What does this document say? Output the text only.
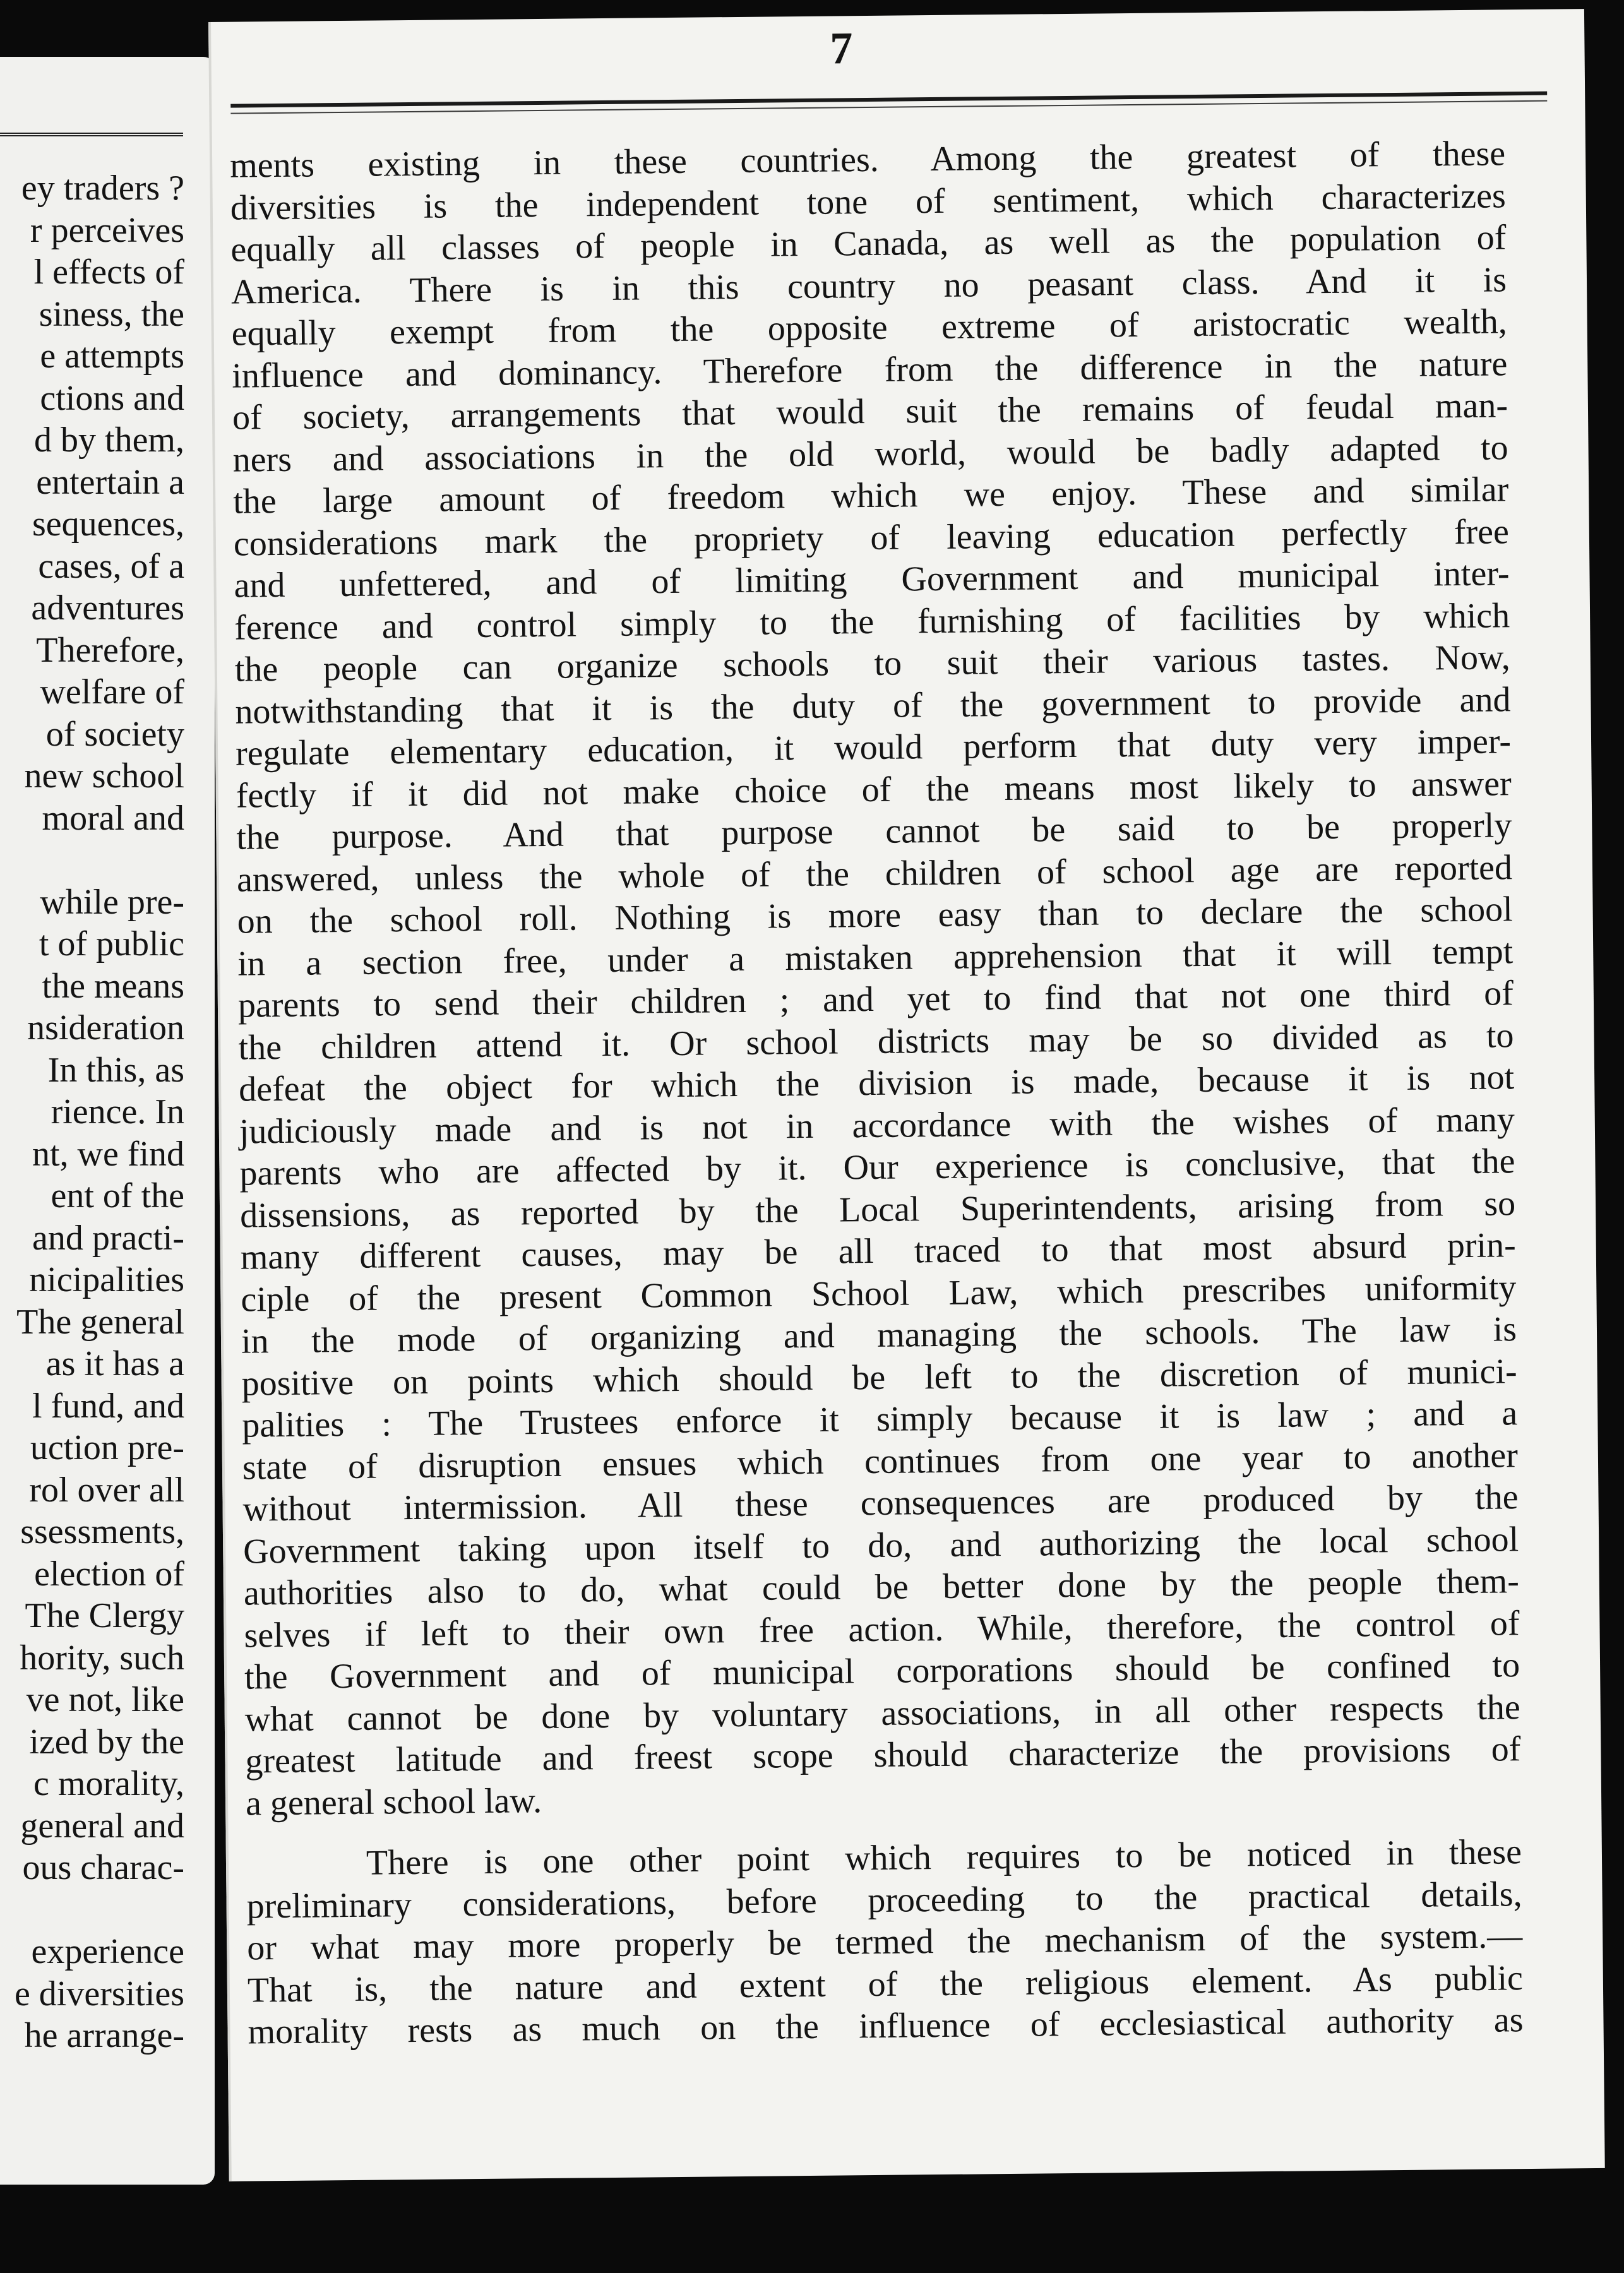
ey traders ?
r perceives
l effects of
siness, the
e attempts
ctions and
d by them,
entertain a
sequences,
cases, of a
adventures
Therefore,
welfare of
of society
new school
moral and
while pre-
t of public
the means
nsideration
In this, as
rience. In
nt, we find
ent of the
and practi-
nicipalities
The general
as it has a
l fund, and
uction pre-
rol over all
ssessments,
election of
The Clergy
hority, such
ve not, like
ized by the
c morality,
general and
ous charac-
experience
e diversities
he arrange-
7
ments existing in these countries. Among the greatest of these
diversities is the independent tone of sentiment, which characterizes
equally all classes of people in Canada, as well as the population of
America. There is in this country no peasant class. And it is
equally exempt from the opposite extreme of aristocratic wealth,
influence and dominancy. Therefore from the difference in the nature
of society, arrangements that would suit the remains of feudal man-
ners and associations in the old world, would be badly adapted to
the large amount of freedom which we enjoy. These and similar
considerations mark the propriety of leaving education perfectly free
and unfettered, and of limiting Government and municipal inter-
ference and control simply to the furnishing of facilities by which
the people can organize schools to suit their various tastes. Now,
notwithstanding that it is the duty of the government to provide and
regulate elementary education, it would perform that duty very imper-
fectly if it did not make choice of the means most likely to answer
the purpose. And that purpose cannot be said to be properly
answered, unless the whole of the children of school age are reported
on the school roll. Nothing is more easy than to declare the school
in a section free, under a mistaken apprehension that it will tempt
parents to send their children ; and yet to find that not one third of
the children attend it. Or school districts may be so divided as to
defeat the object for which the division is made, because it is not
judiciously made and is not in accordance with the wishes of many
parents who are affected by it. Our experience is conclusive, that the
dissensions, as reported by the Local Superintendents, arising from so
many different causes, may be all traced to that most absurd prin-
ciple of the present Common School Law, which prescribes uniformity
in the mode of organizing and managing the schools. The law is
positive on points which should be left to the discretion of munici-
palities : The Trustees enforce it simply because it is law ; and a
state of disruption ensues which continues from one year to another
without intermission. All these consequences are produced by the
Government taking upon itself to do, and authorizing the local school
authorities also to do, what could be better done by the people them-
selves if left to their own free action. While, therefore, the control of
the Government and of municipal corporations should be confined to
what cannot be done by voluntary associations, in all other respects the
greatest latitude and freest scope should characterize the provisions of
a general school law.
There is one other point which requires to be noticed in these
preliminary considerations, before proceeding to the practical details,
or what may more properly be termed the mechanism of the system.—
That is, the nature and extent of the religious element. As public
morality rests as much on the influence of ecclesiastical authority as
